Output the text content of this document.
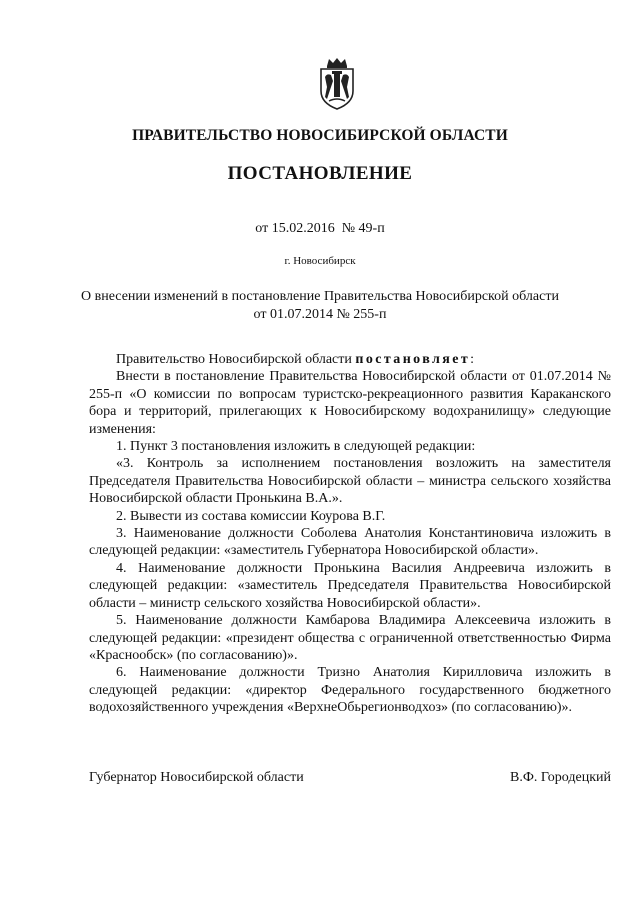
ПРАВИТЕЛЬСТВО НОВОСИБИРСКОЙ ОБЛАСТИ
ПОСТАНОВЛЕНИЕ
от 15.02.2016  № 49-п
г. Новосибирск
О внесении изменений в постановление Правительства Новосибирской области
от 01.07.2014 № 255-п

Правительство Новосибирской области постановляет:

Внести в постановление Правительства Новосибирской области от 01.07.2014 № 255-п «О комиссии по вопросам туристско-рекреационного развития Караканского бора и территорий, прилегающих к Новосибирскому водохранилищу» следующие изменения:

1. Пункт 3 постановления изложить в следующей редакции:

«3. Контроль за исполнением постановления возложить на заместителя Председателя Правительства Новосибирской области – министра сельского хозяйства Новосибирской области Пронькина В.А.».

2. Вывести из состава комиссии Коурова В.Г.

3. Наименование должности Соболева Анатолия Константиновича изложить в следующей редакции: «заместитель Губернатора Новосибирской области».

4. Наименование должности Пронькина Василия Андреевича изложить в следующей редакции: «заместитель Председателя Правительства Новосибирской области – министр сельского хозяйства Новосибирской области».

5. Наименование должности Камбарова Владимира Алексеевича изложить в следующей редакции: «президент общества с ограниченной ответственностью Фирма «Краснообск» (по согласованию)».

6. Наименование должности Тризно Анатолия Кирилловича изложить в следующей редакции: «директор Федерального государственного бюджетного водохозяйственного учреждения «ВерхнеОбьрегионводхоз» (по согласованию)».

Губернатор Новосибирской области	В.Ф. Городецкий
